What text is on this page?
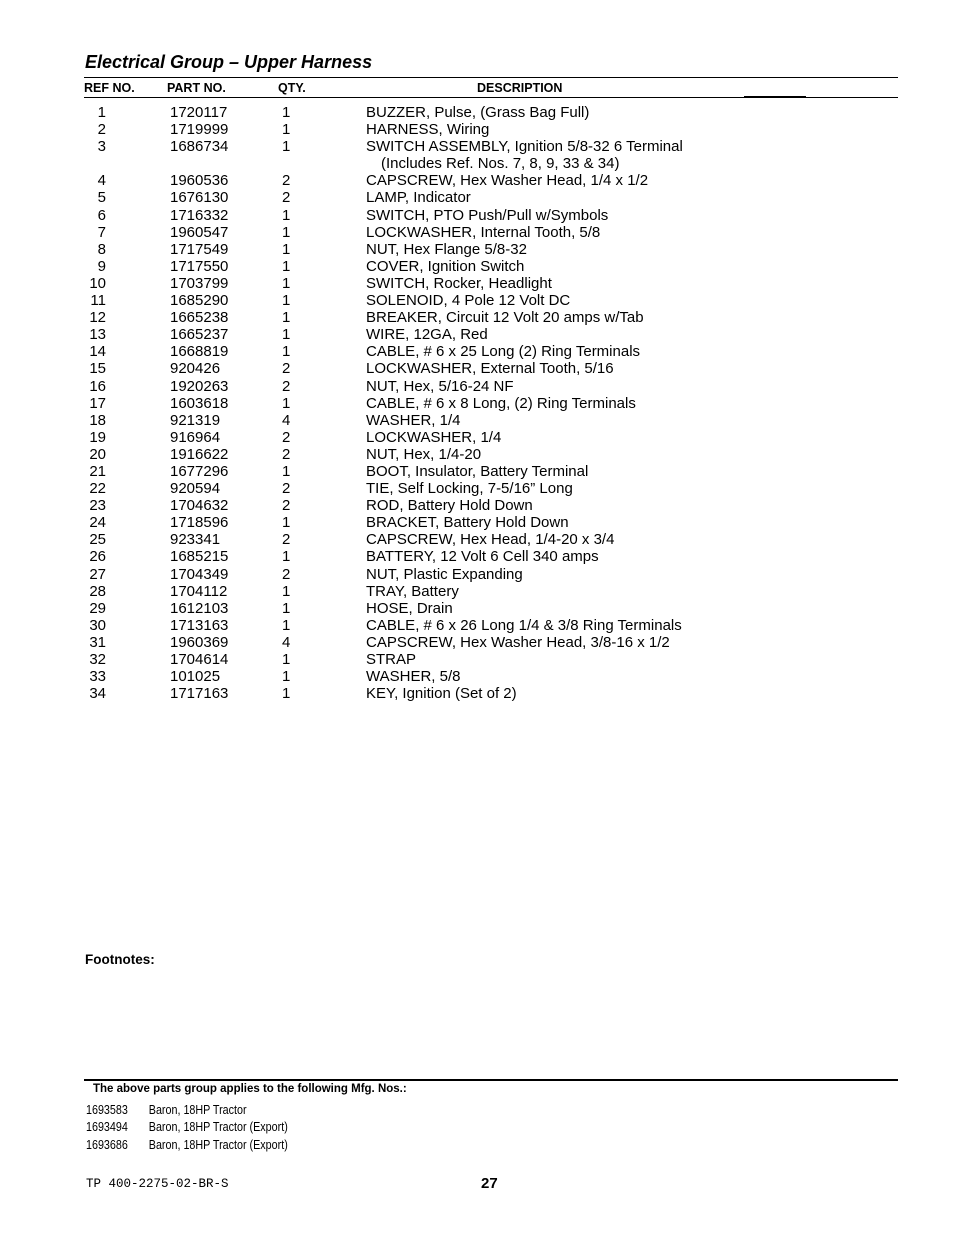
Electrical Group – Upper Harness
REF NO.	PART NO.	QTY.	DESCRIPTION
1	1720117	1	BUZZER, Pulse, (Grass Bag Full)
2	1719999	1	HARNESS, Wiring
3	1686734	1	SWITCH ASSEMBLY, Ignition 5/8-32 6 Terminal
(Includes Ref. Nos. 7, 8, 9, 33 & 34)
4	1960536	2	CAPSCREW, Hex Washer Head, 1/4 x 1/2
5	1676130	2	LAMP, Indicator
6	1716332	1	SWITCH, PTO Push/Pull w/Symbols
7	1960547	1	LOCKWASHER, Internal Tooth, 5/8
8	1717549	1	NUT, Hex Flange 5/8-32
9	1717550	1	COVER, Ignition Switch
10	1703799	1	SWITCH, Rocker, Headlight
11	1685290	1	SOLENOID, 4 Pole 12 Volt DC
12	1665238	1	BREAKER, Circuit 12 Volt 20 amps w/Tab
13	1665237	1	WIRE, 12GA, Red
14	1668819	1	CABLE, # 6 x 25 Long (2) Ring Terminals
15	920426	2	LOCKWASHER, External Tooth, 5/16
16	1920263	2	NUT, Hex, 5/16-24 NF
17	1603618	1	CABLE, # 6 x 8 Long, (2) Ring Terminals
18	921319	4	WASHER, 1/4
19	916964	2	LOCKWASHER, 1/4
20	1916622	2	NUT, Hex, 1/4-20
21	1677296	1	BOOT, Insulator, Battery Terminal
22	920594	2	TIE, Self Locking, 7-5/16” Long
23	1704632	2	ROD, Battery Hold Down
24	1718596	1	BRACKET, Battery Hold Down
25	923341	2	CAPSCREW, Hex Head, 1/4-20 x 3/4
26	1685215	1	BATTERY, 12 Volt 6 Cell 340 amps
27	1704349	2	NUT, Plastic Expanding
28	1704112	1	TRAY, Battery
29	1612103	1	HOSE, Drain
30	1713163	1	CABLE, # 6 x 26 Long 1/4 & 3/8 Ring Terminals
31	1960369	4	CAPSCREW, Hex Washer Head, 3/8-16 x 1/2
32	1704614	1	STRAP
33	101025	1	WASHER, 5/8
34	1717163	1	KEY, Ignition (Set of 2)
Footnotes:
The above parts group applies to the following Mfg. Nos.:
1693583 Baron, 18HP Tractor
1693494 Baron, 18HP Tractor (Export)
1693686 Baron, 18HP Tractor (Export)
TP 400-2275-02-BR-S	27
